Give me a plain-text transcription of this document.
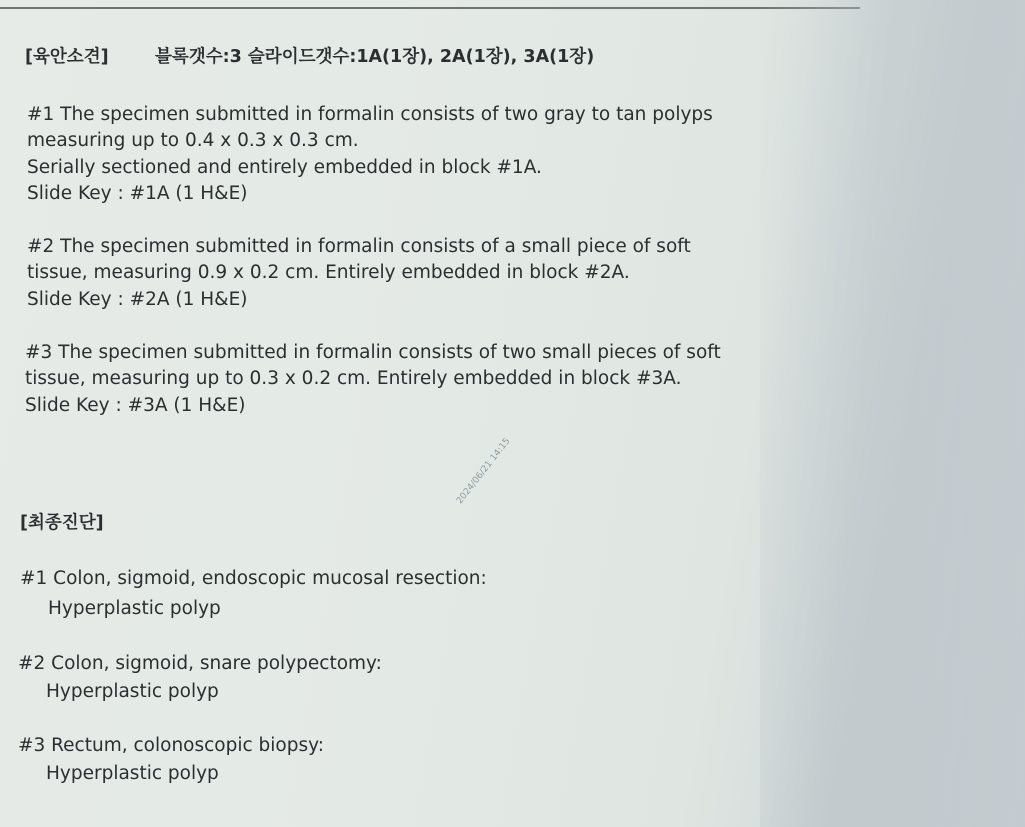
[육안소견]	블록갯수:3 슬라이드갯수:1A(1장), 2A(1장), 3A(1장)
#1 The specimen submitted in formalin consists of two gray to tan polyps
measuring up to 0.4 x 0.3 x 0.3 cm.
Serially sectioned and entirely embedded in block #1A.
Slide Key : #1A (1 H&E)
#2 The specimen submitted in formalin consists of a small piece of soft
tissue, measuring 0.9 x 0.2 cm. Entirely embedded in block #2A.
Slide Key : #2A (1 H&E)
#3 The specimen submitted in formalin consists of two small pieces of soft
tissue, measuring up to 0.3 x 0.2 cm. Entirely embedded in block #3A.
Slide Key : #3A (1 H&E)
2024/06/21 14:15
[최종진단]
#1 Colon, sigmoid, endoscopic mucosal resection:
Hyperplastic polyp
#2 Colon, sigmoid, snare polypectomy:
Hyperplastic polyp
#3 Rectum, colonoscopic biopsy:
Hyperplastic polyp
